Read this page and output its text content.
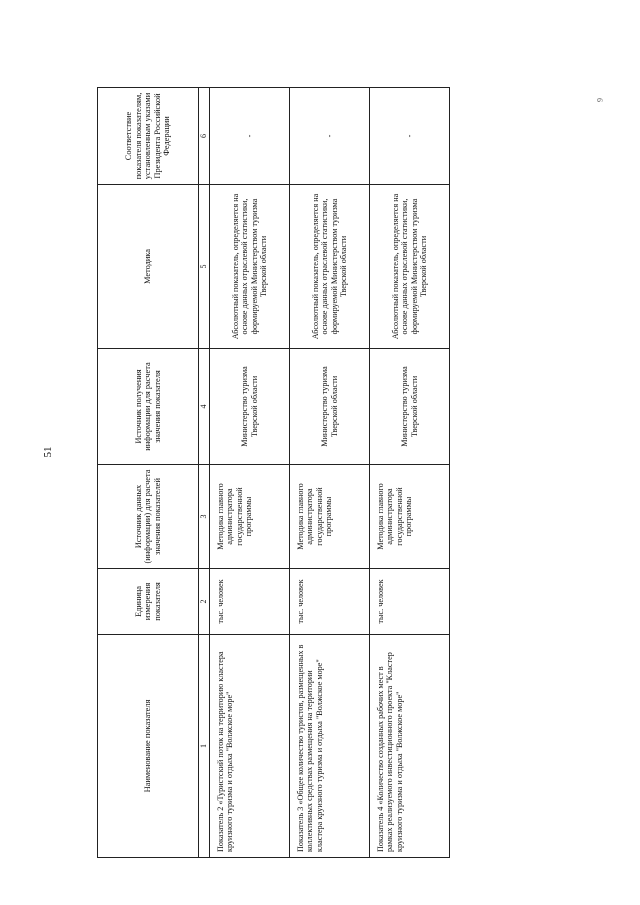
51
9
Наименование показателя	Единица измерения показателя	Источник данных (информации) для расчета значения показателей	Источник получения информации для расчета значения показателя	Методика	Соответствие показателя показателям, установленным указами Президента Российской Федерации
1	2	3	4	5	6
Показатель 2 «Туристский поток на территорию кластера круизного туризма и отдыха "Волжское море"	тыс. человек	Методика главного администратора государственной программы	Министерство туризма Тверской области	Абсолютный показатель, определяется на основе данных отраслевой статистики, формируемой Министерством туризма Тверской области	-
Показатель 3 «Общее количество туристов, размещенных в коллективных средствах размещения на территории кластера круизного туризма и отдыха "Волжское море"	тыс. человек	Методика главного администратора государственной программы	Министерство туризма Тверской области	Абсолютный показатель, определяется на основе данных отраслевой статистики, формируемой Министерством туризма Тверской области	-
Показатель 4 «Количество созданных рабочих мест в рамках реализуемого инвестиционного проекта "Кластер круизного туризма и отдыха "Волжское море"	тыс. человек	Методика главного администратора государственной программы	Министерство туризма Тверской области	Абсолютный показатель, определяется на основе данных отраслевой статистики, формируемой Министерством туризма Тверской области	-
